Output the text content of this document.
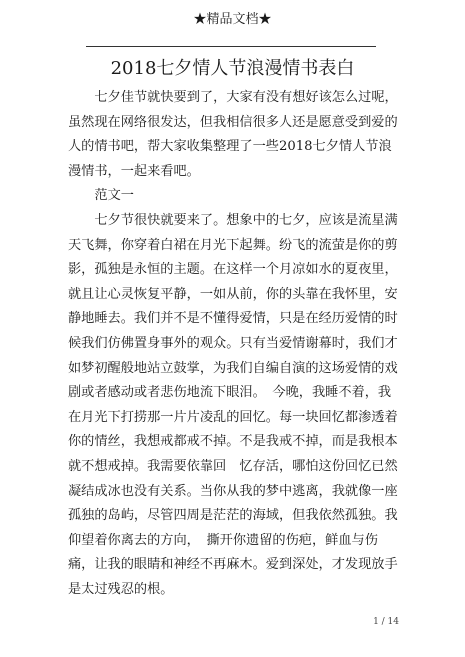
★精品文档★
2018七夕情人节浪漫情书表白

七夕佳节就快要到了，大家有没有想好该怎么过呢，虽然现在网络很发达，但我相信很多人还是愿意受到爱的人的情书吧，帮大家收集整理了一些2018七夕情人节浪漫情书，一起来看吧。

范文一

七夕节很快就要来了。想象中的七夕，应该是流星满天飞舞，你穿着白裙在月光下起舞。纷飞的流萤是你的剪影，孤独是永恒的主题。在这样一个月凉如水的夏夜里，就且让心灵恢复平静，一如从前，你的头靠在我怀里，安静地睡去。我们并不是不懂得爱情，只是在经历爱情的时候我们仿佛置身事外的观众。只有当爱情谢幕时，我们才如梦初醒般地站立鼓掌，为我们自编自演的这场爱情的戏剧或者感动或者悲伤地流下眼泪。　今晚，我睡不着，我在月光下打捞那一片片凌乱的回忆。每一块回忆都渗透着你的情丝，我想戒都戒不掉。不是我戒不掉，而是我根本就不想戒掉。我需要依靠回　忆存活，哪怕这份回忆已然凝结成冰也没有关系。当你从我的梦中逃离，我就像一座孤独的岛屿，尽管四周是茫茫的海域，但我依然孤独。我仰望着你离去的方向，　撕开你遗留的伤疤，鲜血与伤痛，让我的眼睛和神经不再麻木。爱到深处，才发现放手是太过残忍的根。

1 / 14
